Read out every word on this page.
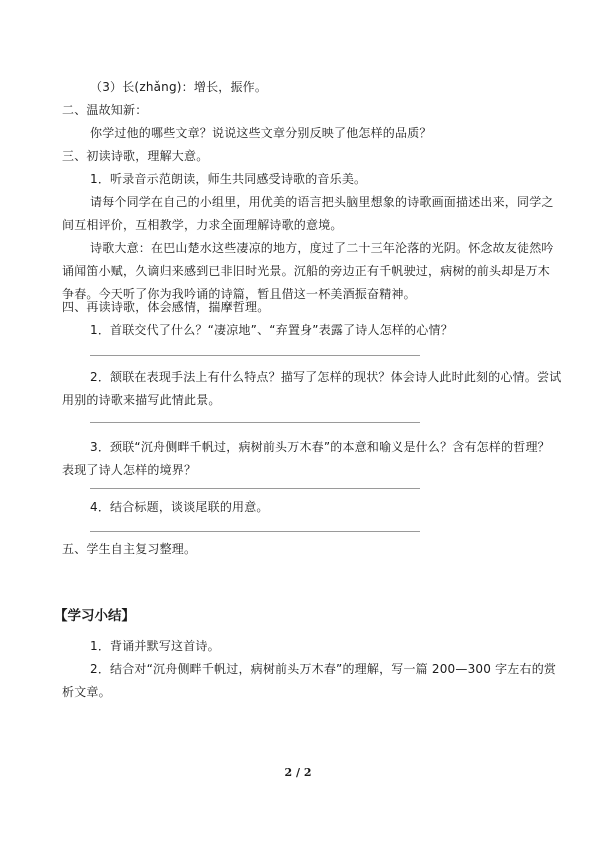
（3）长(zhǎng)：增长，振作。
二、温故知新：
你学过他的哪些文章？说说这些文章分别反映了他怎样的品质？
三、初读诗歌，理解大意。
1．听录音示范朗读，师生共同感受诗歌的音乐美。
请每个同学在自己的小组里，用优美的语言把头脑里想象的诗歌画面描述出来，同学之
间互相评价，互相教学，力求全面理解诗歌的意境。
诗歌大意：在巴山楚水这些凄凉的地方，度过了二十三年沦落的光阴。怀念故友徒然吟
诵闻笛小赋，久谪归来感到已非旧时光景。沉船的旁边正有千帆驶过，病树的前头却是万木
争春。今天听了你为我吟诵的诗篇，暂且借这一杯美酒振奋精神。
四、再读诗歌，体会感情，揣摩哲理。
1．首联交代了什么？“凄凉地”、“弃置身”表露了诗人怎样的心情？
2．颔联在表现手法上有什么特点？描写了怎样的现状？体会诗人此时此刻的心情。尝试
用别的诗歌来描写此情此景。
3．颈联“沉舟侧畔千帆过，病树前头万木春”的本意和喻义是什么？含有怎样的哲理？
表现了诗人怎样的境界？
4．结合标题，谈谈尾联的用意。
五、学生自主复习整理。
【学习小结】
1．背诵并默写这首诗。
2．结合对“沉舟侧畔千帆过，病树前头万木春”的理解，写一篇 200—300 字左右的赏
析文章。
2 / 2
